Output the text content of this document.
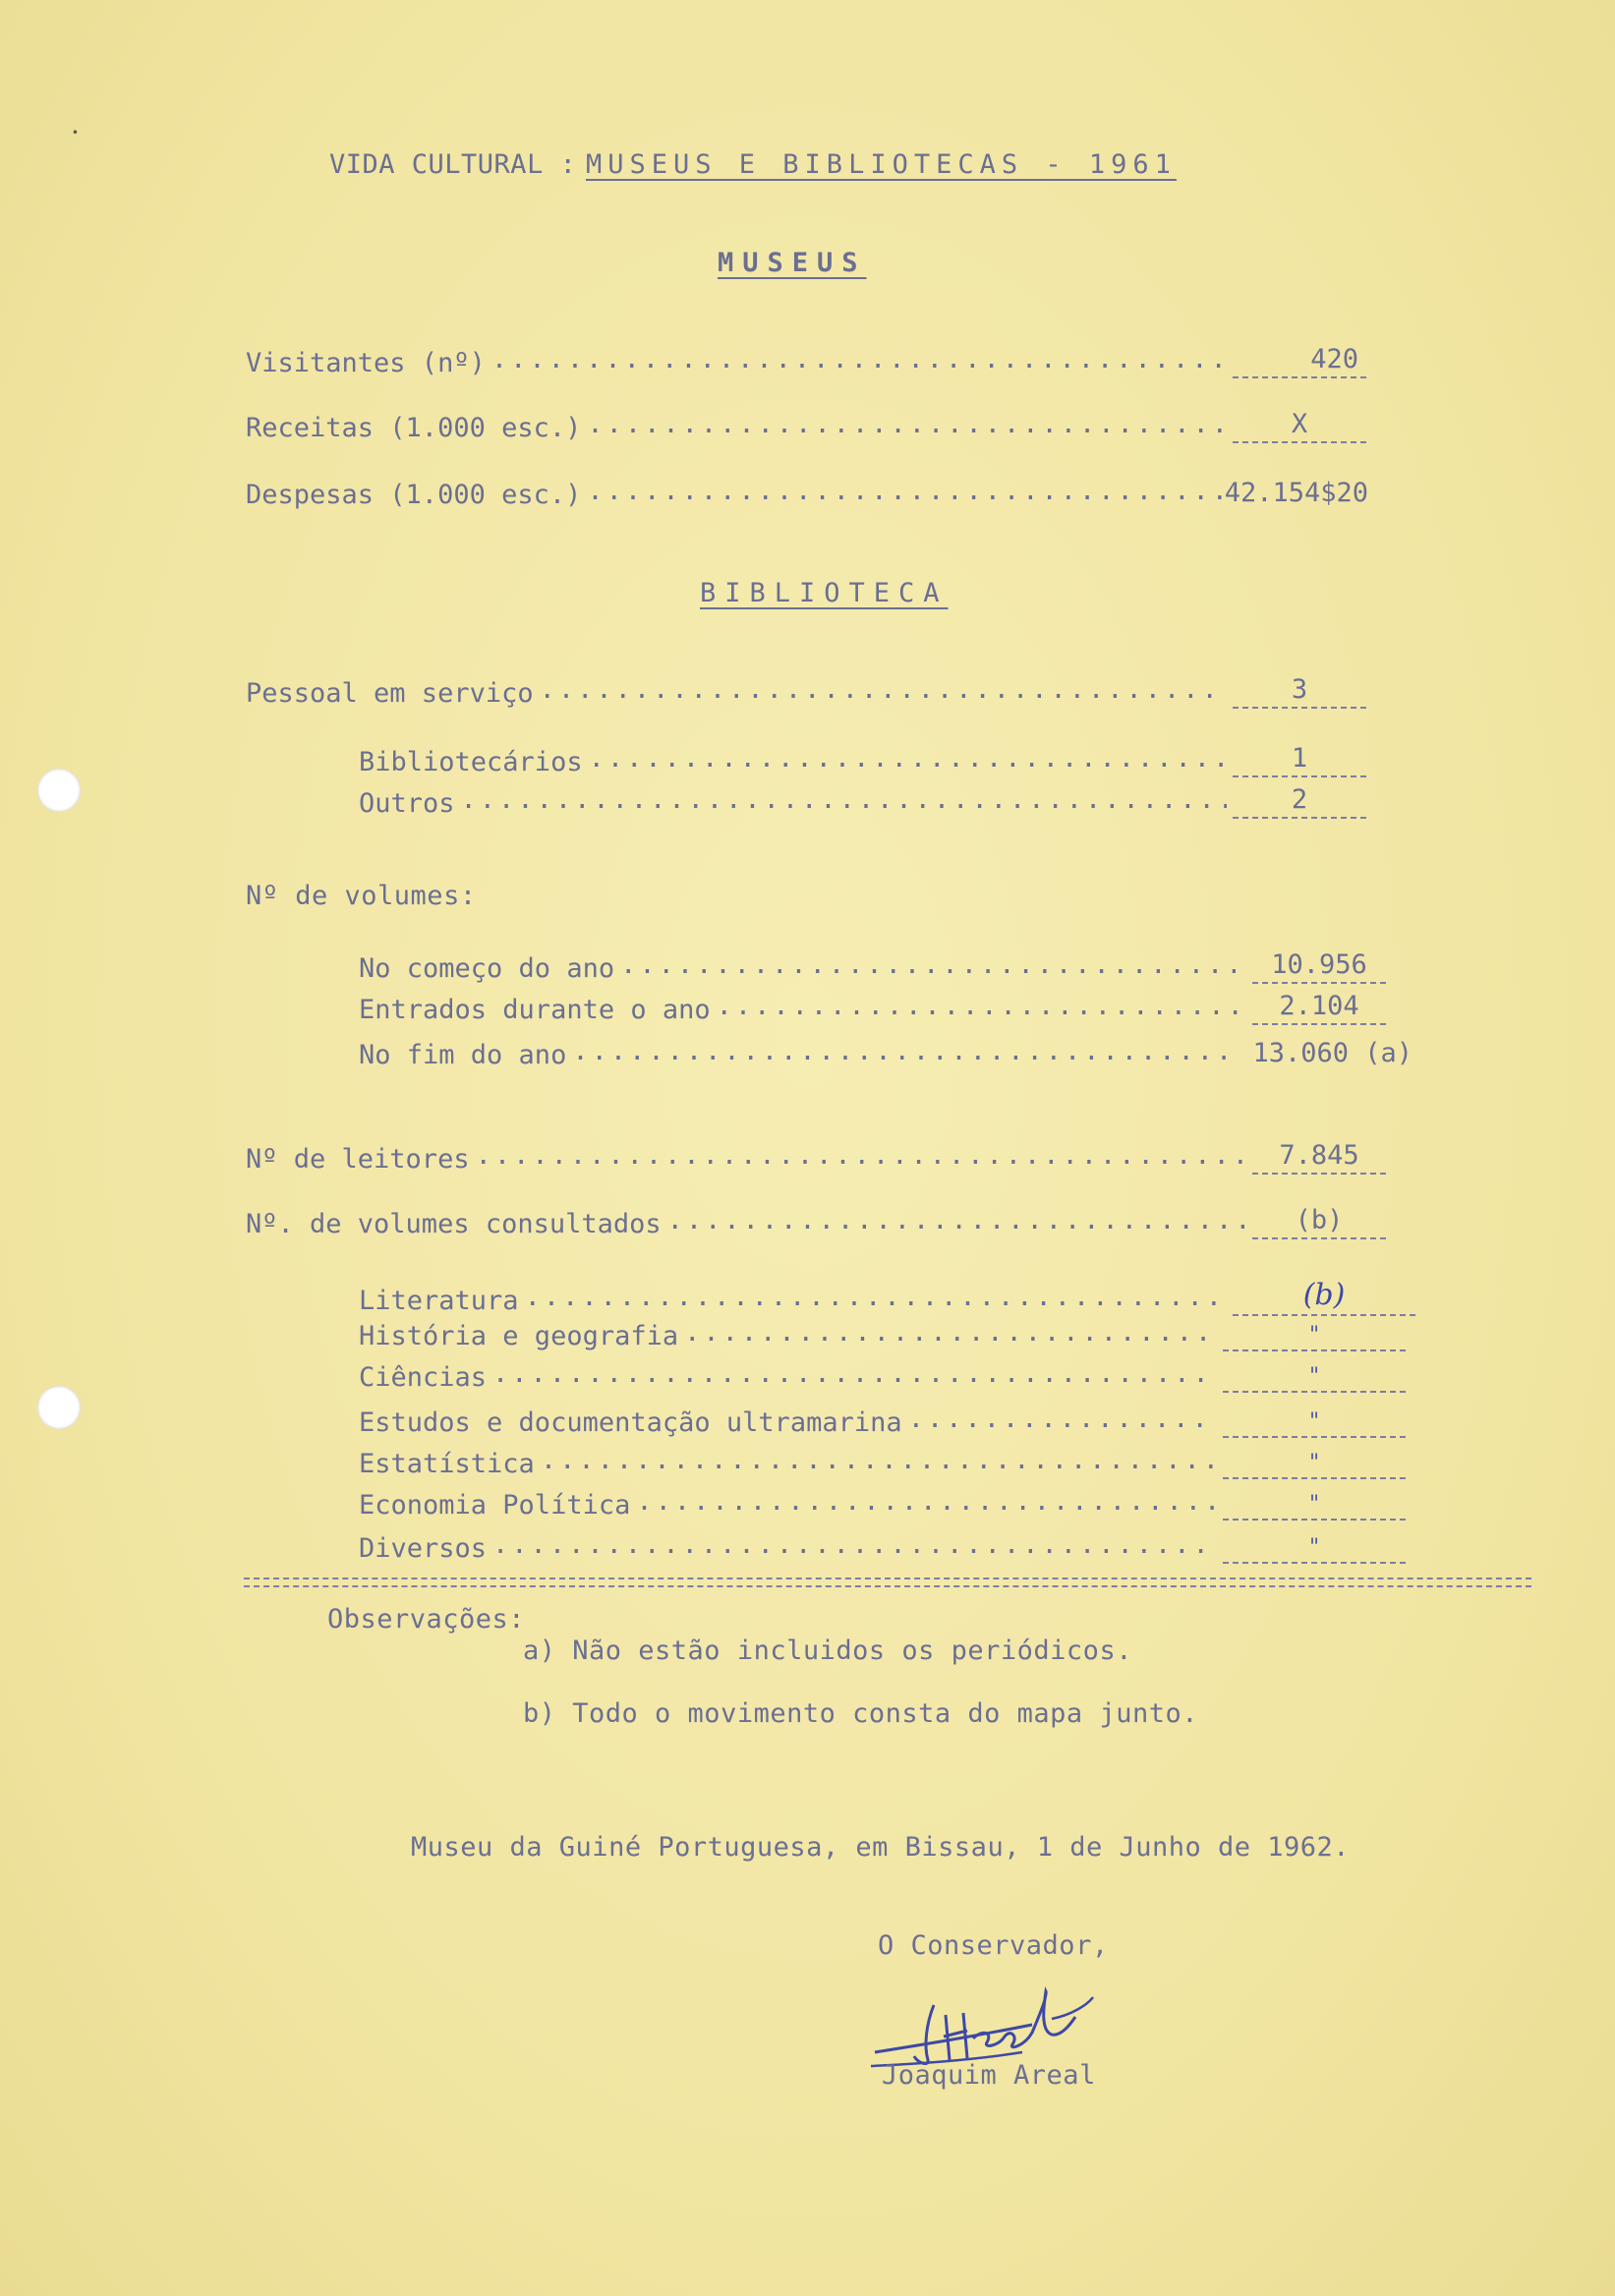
·
VIDA CULTURAL : MUSEUS E BIBLIOTECAS - 1961
MUSEUS
Visitantes (nº) .....	420
Receitas (1.000 esc.) .....	X
Despesas (1.000 esc.) .....	42.154$20
BIBLIOTECA
Pessoal em serviço .....	3
Bibliotecários .....	1
Outros .....	2
Nº de volumes:
No começo do ano .....	10.956
Entrados durante o ano .....	2.104
No fim do ano .....	13.060 (a)
Nº de leitores .....	7.845
Nº. de volumes consultados .....	(b)
Literatura .....	(b)
História e geografia .....	"
Ciências .....	"
Estudos e documentação ultramarina .....	"
Estatística .....	"
Economia Política .....	"
Diversos .....	"
Observações:
a) Não estão incluidos os periódicos.
b) Todo o movimento consta do mapa junto.
Museu da Guiné Portuguesa, em Bissau, 1 de Junho de 1962.
O Conservador,
Joaquim Areal
